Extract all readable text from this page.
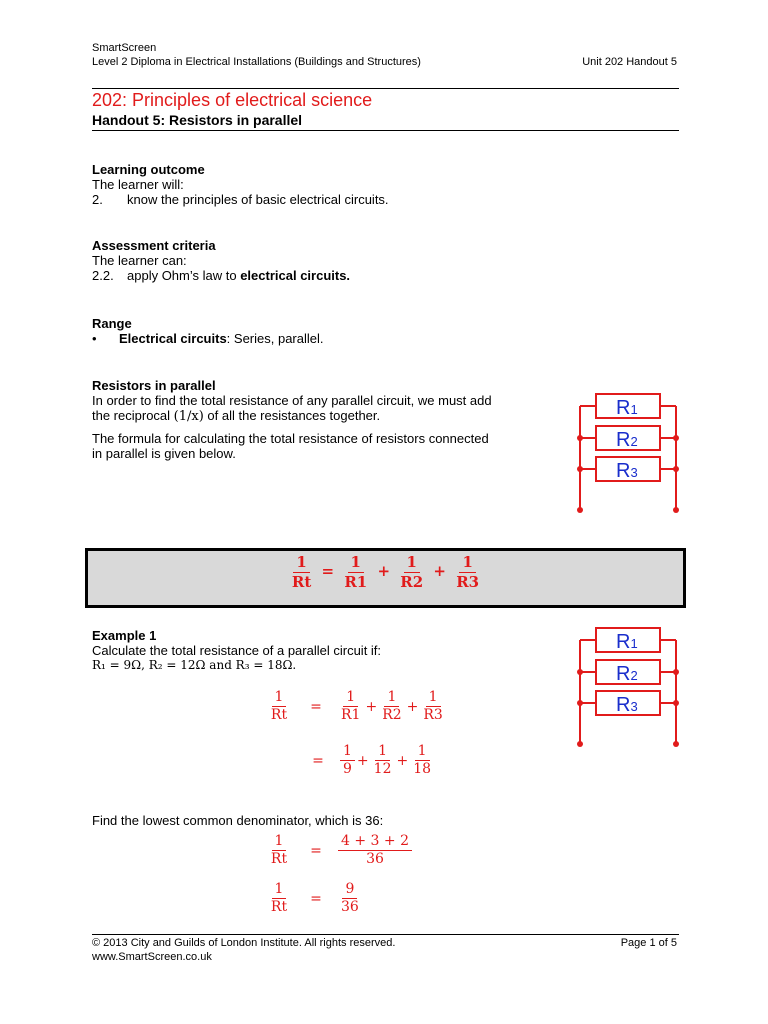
SmartScreen
Level 2 Diploma in Electrical Installations (Buildings and Structures)	Unit 202 Handout 5
202: Principles of electrical science
Handout 5: Resistors in parallel
Learning outcome
The learner will:
2. know the principles of basic electrical circuits.
Assessment criteria
The learner can:
2.2. apply Ohm’s law to electrical circuits.
Range
• Electrical circuits: Series, parallel.
Resistors in parallel
In order to find the total resistance of any parallel circuit, we must add
the reciprocal (1/x) of all the resistances together.
The formula for calculating the total resistance of resistors connected
in parallel is given below.
R1
R2
R3
$\frac{1}{Rt} = \frac{1}{R1} + \frac{1}{R2} + \frac{1}{R3}$
Example 1
Calculate the total resistance of a parallel circuit if:
R₁ = 9Ω, R₂ = 12Ω and R₃ = 18Ω.
R1
R2
R3
$\frac{1}{Rt}$	=	$\frac{1}{R1} + \frac{1}{R2} + \frac{1}{R3}$
=	$\frac{1}{9} + \frac{1}{12} + \frac{1}{18}$
Find the lowest common denominator, which is 36:
$\frac{1}{Rt}$	=	$\frac{4 + 3 + 2}{36}$
$\frac{1}{Rt}$	=	$\frac{9}{36}$
© 2013 City and Guilds of London Institute. All rights reserved.	Page 1 of 5
www.SmartScreen.co.uk
